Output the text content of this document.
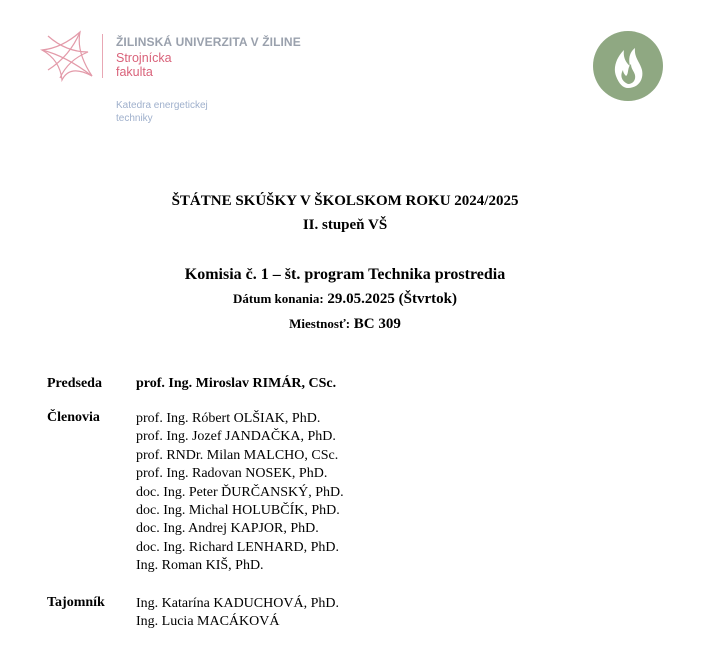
ŽILINSKÁ UNIVERZITA V ŽILINE
Strojnícka
fakulta
Katedra energetickej
techniky
ŠTÁTNE SKÚŠKY V ŠKOLSKOM ROKU 2024/2025
II. stupeň VŠ
Komisia č. 1 – št. program Technika prostredia
Dátum konania: 29.05.2025 (Štvrtok)
Miestnosť: BC 309
Predseda prof. Ing. Miroslav RIMÁR, CSc.
Členovia	prof. Ing. Róbert OLŠIAK, PhD.
prof. Ing. Jozef JANDAČKA, PhD.
prof. RNDr. Milan MALCHO, CSc.
prof. Ing. Radovan NOSEK, PhD.
doc. Ing. Peter ĎURČANSKÝ, PhD.
doc. Ing. Michal HOLUBČÍK, PhD.
doc. Ing. Andrej KAPJOR, PhD.
doc. Ing. Richard LENHARD, PhD.
Ing. Roman KIŠ, PhD.
Tajomník Ing. Katarína KADUCHOVÁ, PhD.
Ing. Lucia MACÁKOVÁ
